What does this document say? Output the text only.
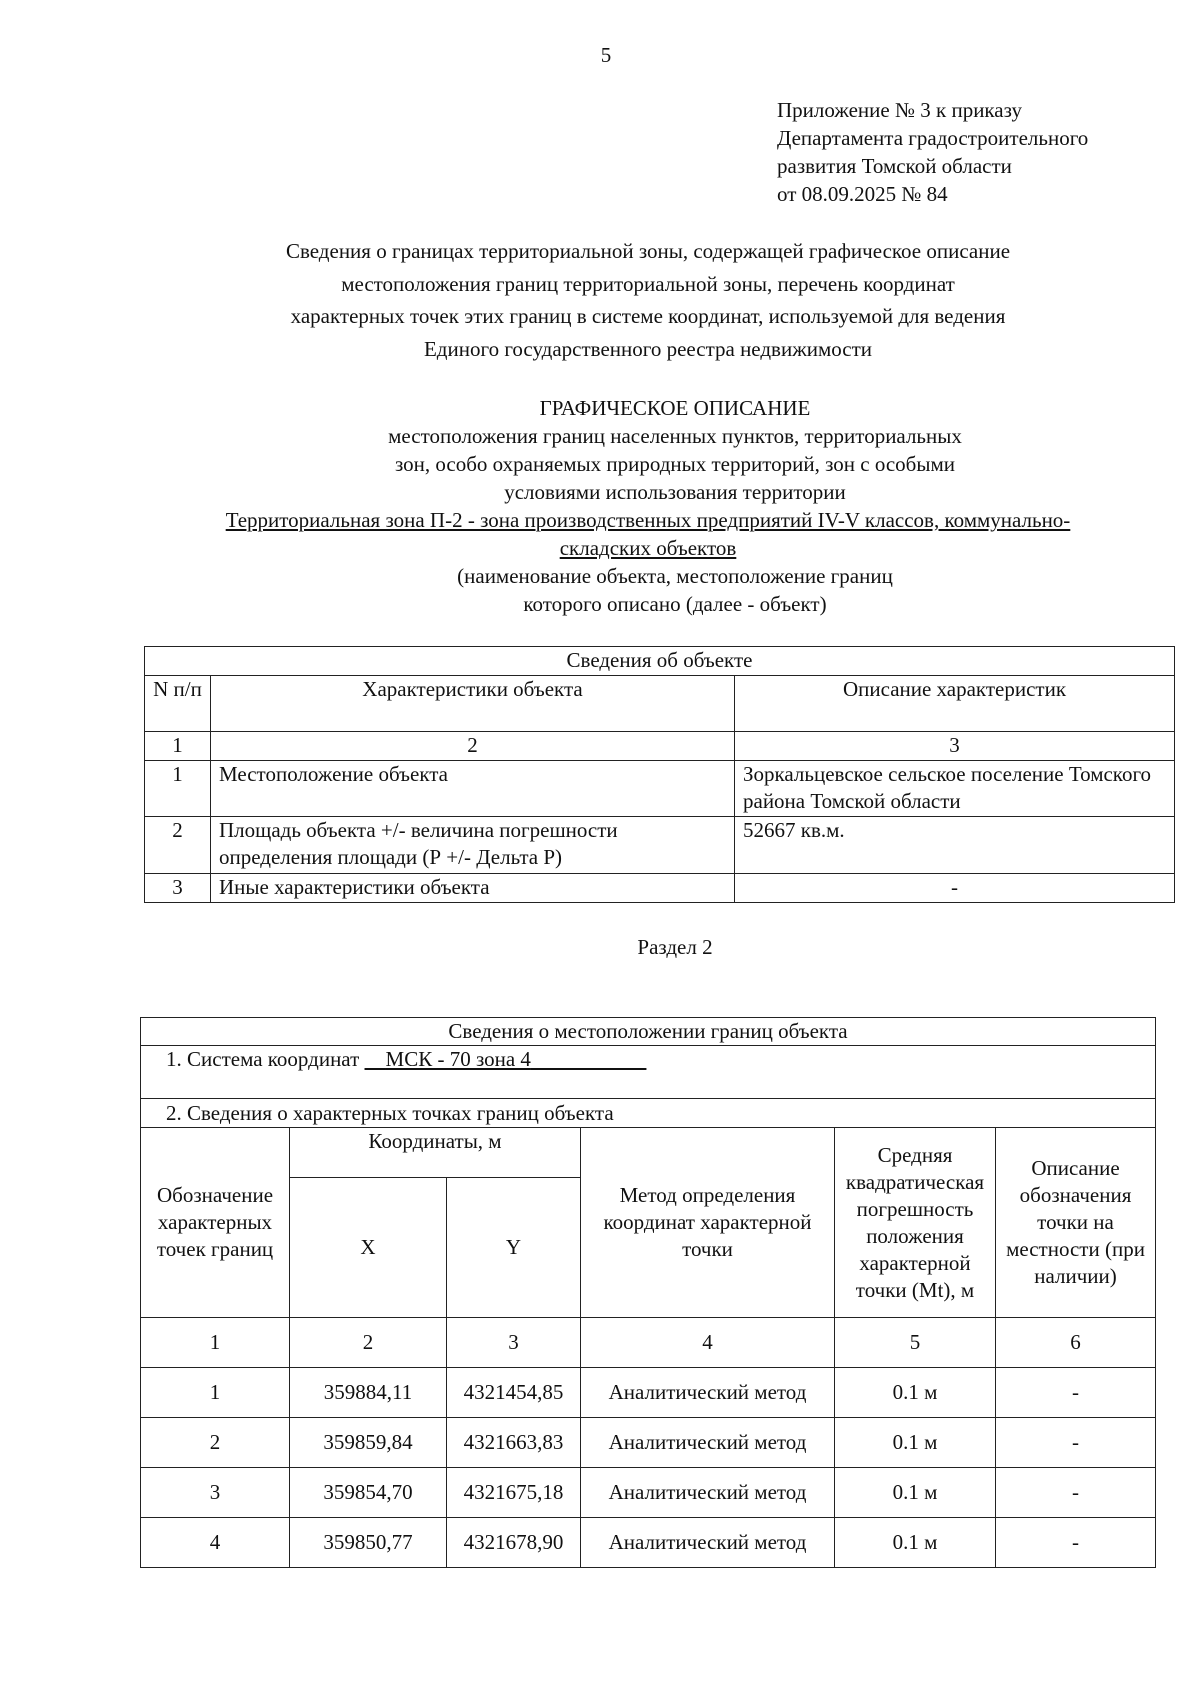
5
Приложение № 3 к приказу
Департамента градостроительного
развития Томской области
от 08.09.2025 № 84
Сведения о границах территориальной зоны, содержащей графическое описание
местоположения границ территориальной зоны, перечень координат
характерных точек этих границ в системе координат, используемой для ведения
Единого государственного реестра недвижимости
ГРАФИЧЕСКОЕ ОПИСАНИЕ
местоположения границ населенных пунктов, территориальных
зон, особо охраняемых природных территорий, зон с особыми
условиями использования территории
Территориальная зона П-2 - зона производственных предприятий IV-V классов, коммунально-
складских объектов
(наименование объекта, местоположение границ
которого описано (далее - объект)
Сведения об объекте		
N п/п	Характеристики объекта	Описание характеристик
1	2	3
1	Местоположение объекта	Зоркальцевское сельское поселение Томского района Томской области
2	Площадь объекта +/- величина погрешности определения площади (Р +/- Дельта Р)	52667 кв.м.
3	Иные характеристики объекта	-
Раздел 2
Сведения о местоположении границ объекта					
1. Система координат МСК - 70 зона 4					
2. Сведения о характерных точках границ объекта					
Обозначение характерных точек границ	Координаты, м		Метод определения координат характерной точки	Средняя квадратическая погрешность положения характерной точки (Mt), м	Описание обозначения точки на местности (при наличии)
	X	Y			
1	2	3	4	5	6
1	359884,11	4321454,85	Аналитический метод	0.1 м	-
2	359859,84	4321663,83	Аналитический метод	0.1 м	-
3	359854,70	4321675,18	Аналитический метод	0.1 м	-
4	359850,77	4321678,90	Аналитический метод	0.1 м	-
